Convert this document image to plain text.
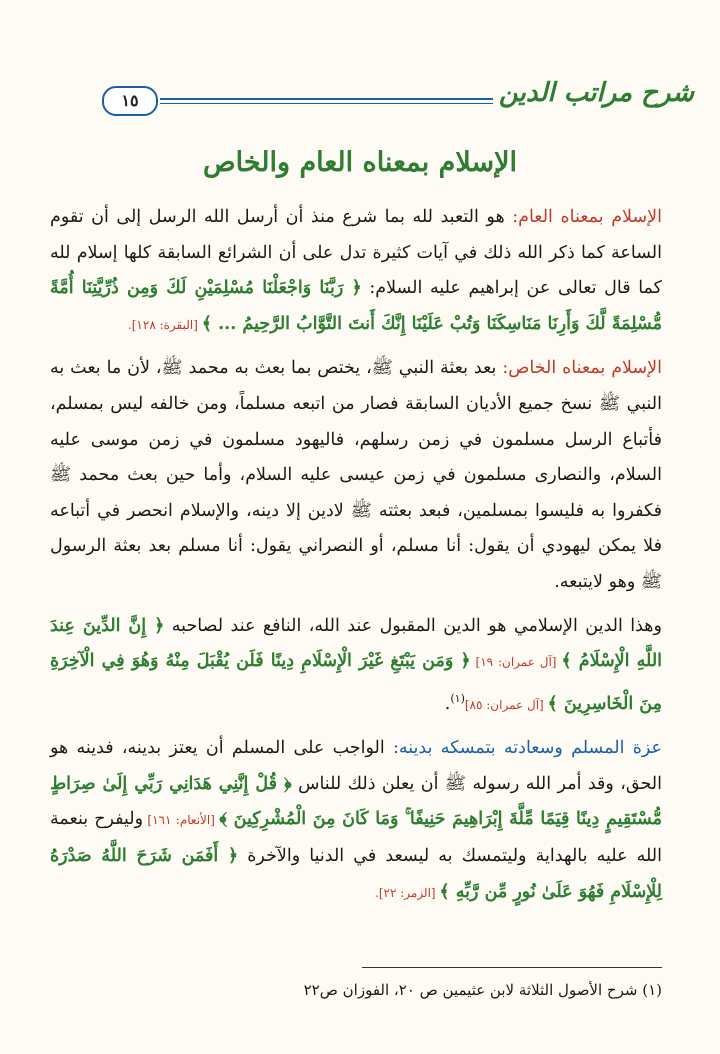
١٥	شرح مراتب الدين
الإسلام بمعناه العام والخاص

الإسلام بمعناه العام: هو التعبد لله بما شرع منذ أن أرسل الله الرسل إلى أن تقوم الساعة كما ذكر الله ذلك في آيات كثيرة تدل على أن الشرائع السابقة كلها إسلام لله كما قال تعالى عن إبراهيم عليه السلام: ﴿ رَبَّنَا وَاجْعَلْنَا مُسْلِمَيْنِ لَكَ وَمِن ذُرِّيَّتِنَا أُمَّةً مُّسْلِمَةً لَّكَ وَأَرِنَا مَنَاسِكَنَا وَتُبْ عَلَيْنَا إِنَّكَ أَنتَ التَّوَّابُ الرَّحِيمُ ... ﴾ [البقرة: ١٢٨].

الإسلام بمعناه الخاص: بعد بعثة النبي ﷺ، يختص بما بعث به محمد ﷺ، لأن ما بعث به النبي ﷺ نسخ جميع الأديان السابقة فصار من اتبعه مسلماً، ومن خالفه ليس بمسلم، فأتباع الرسل مسلمون في زمن رسلهم، فاليهود مسلمون في زمن موسى عليه السلام، والنصارى مسلمون في زمن عيسى عليه السلام، وأما حين بعث محمد ﷺ فكفروا به فليسوا بمسلمين، فبعد بعثته ﷺ لادين إلا دينه، والإسلام انحصر في أتباعه فلا يمكن ليهودي أن يقول: أنا مسلم، أو النصراني يقول: أنا مسلم بعد بعثة الرسول ﷺ وهو لايتبعه.

وهذا الدين الإسلامي هو الدين المقبول عند الله، النافع عند لصاحبه ﴿ إِنَّ الدِّينَ عِندَ اللَّهِ الْإِسْلَامُ ﴾ [آل عمران: ١٩] ﴿ وَمَن يَبْتَغِ غَيْرَ الْإِسْلَامِ دِينًا فَلَن يُقْبَلَ مِنْهُ وَهُوَ فِي الْآخِرَةِ مِنَ الْخَاسِرِينَ ﴾ [آل عمران: ٨٥]$^{(١)}$.

عزة المسلم وسعادته بتمسكه بدينه: الواجب على المسلم أن يعتز بدينه، فدينه هو الحق، وقد أمر الله رسوله ﷺ أن يعلن ذلك للناس ﴿ قُلْ إِنَّنِي هَدَانِي رَبِّي إِلَىٰ صِرَاطٍ مُّسْتَقِيمٍ دِينًا قِيَمًا مِّلَّةَ إِبْرَاهِيمَ حَنِيفًا ۚ وَمَا كَانَ مِنَ الْمُشْرِكِينَ ﴾ [الأنعام: ١٦١] وليفرح بنعمة الله عليه بالهداية وليتمسك به ليسعد في الدنيا والآخرة ﴿ أَفَمَن شَرَحَ اللَّهُ صَدْرَهُ لِلْإِسْلَامِ فَهُوَ عَلَىٰ نُورٍ مِّن رَّبِّهِ ﴾ [الزمر: ٢٢].

(١) شرح الأصول الثلاثة لابن عثيمين ص ٢٠، الفوزان ص٢٢
